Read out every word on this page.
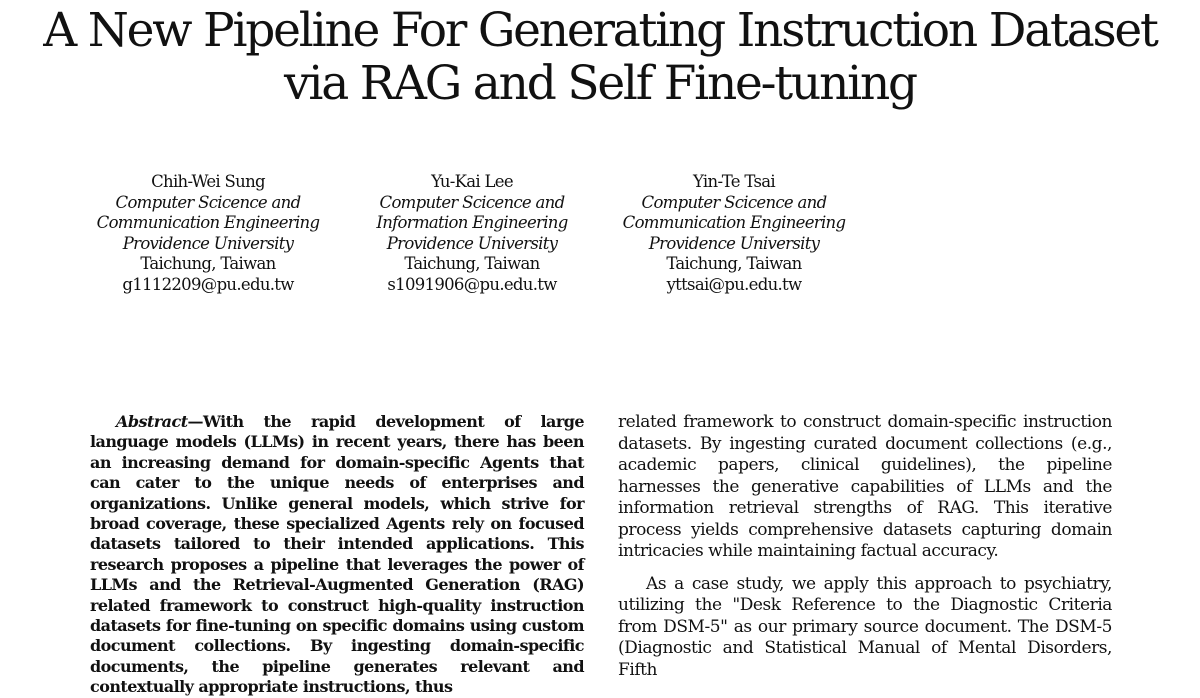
A New Pipeline For Generating Instruction Dataset
via RAG and Self Fine-tuning
Chih-Wei Sung
Computer Scicence and
Communication Engineering
Providence University
Taichung, Taiwan
g1112209@pu.edu.tw
Yu-Kai Lee
Computer Scicence and
Information Engineering
Providence University
Taichung, Taiwan
s1091906@pu.edu.tw
Yin-Te Tsai
Computer Scicence and
Communication Engineering
Providence University
Taichung, Taiwan
yttsai@pu.edu.tw

Abstract—With the rapid development of large language models (LLMs) in recent years, there has been an increasing demand for domain-specific Agents that can cater to the unique needs of enterprises and organizations. Unlike general models, which strive for broad coverage, these specialized Agents rely on focused datasets tailored to their intended applications. This research proposes a pipeline that leverages the power of LLMs and the Retrieval-Augmented Generation (RAG) related framework to construct high-quality instruction datasets for fine-tuning on specific domains using custom document collections. By ingesting domain-specific documents, the pipeline generates relevant and contextually appropriate instructions, thus

related framework to construct domain-specific instruction datasets. By ingesting curated document collections (e.g., academic papers, clinical guidelines), the pipeline harnesses the generative capabilities of LLMs and the information retrieval strengths of RAG. This iterative process yields comprehensive datasets capturing domain intricacies while maintaining factual accuracy.

As a case study, we apply this approach to psychiatry, utilizing the "Desk Reference to the Diagnostic Criteria from DSM-5" as our primary source document. The DSM-5 (Diagnostic and Statistical Manual of Mental Disorders, Fifth
